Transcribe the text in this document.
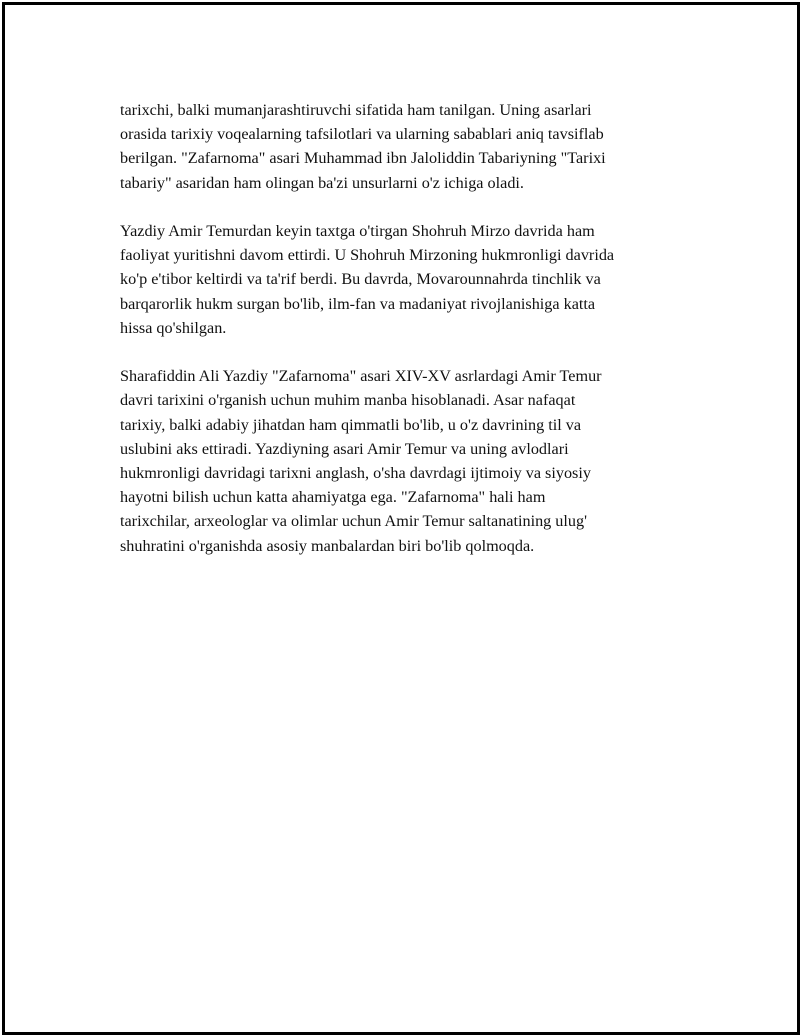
tarixchi, balki mumanjarashtiruvchi sifatida ham tanilgan. Uning asarlari
orasida tarixiy voqealarning tafsilotlari va ularning sabablari aniq tavsiflab
berilgan. "Zafarnoma" asari Muhammad ibn Jaloliddin Tabariyning "Tarixi
tabariy" asaridan ham olingan ba'zi unsurlarni o'z ichiga oladi.

Yazdiy Amir Temurdan keyin taxtga o'tirgan Shohruh Mirzo davrida ham
faoliyat yuritishni davom ettirdi. U Shohruh Mirzoning hukmronligi davrida
ko'p e'tibor keltirdi va ta'rif berdi. Bu davrda, Movarounnahrda tinchlik va
barqarorlik hukm surgan bo'lib, ilm-fan va madaniyat rivojlanishiga katta
hissa qo'shilgan.

Sharafiddin Ali Yazdiy "Zafarnoma" asari XIV-XV asrlardagi Amir Temur
davri tarixini o'rganish uchun muhim manba hisoblanadi. Asar nafaqat
tarixiy, balki adabiy jihatdan ham qimmatli bo'lib, u o'z davrining til va
uslubini aks ettiradi. Yazdiyning asari Amir Temur va uning avlodlari
hukmronligi davridagi tarixni anglash, o'sha davrdagi ijtimoiy va siyosiy
hayotni bilish uchun katta ahamiyatga ega. "Zafarnoma" hali ham
tarixchilar, arxeologlar va olimlar uchun Amir Temur saltanatining ulug'
shuhratini o'rganishda asosiy manbalardan biri bo'lib qolmoqda.
